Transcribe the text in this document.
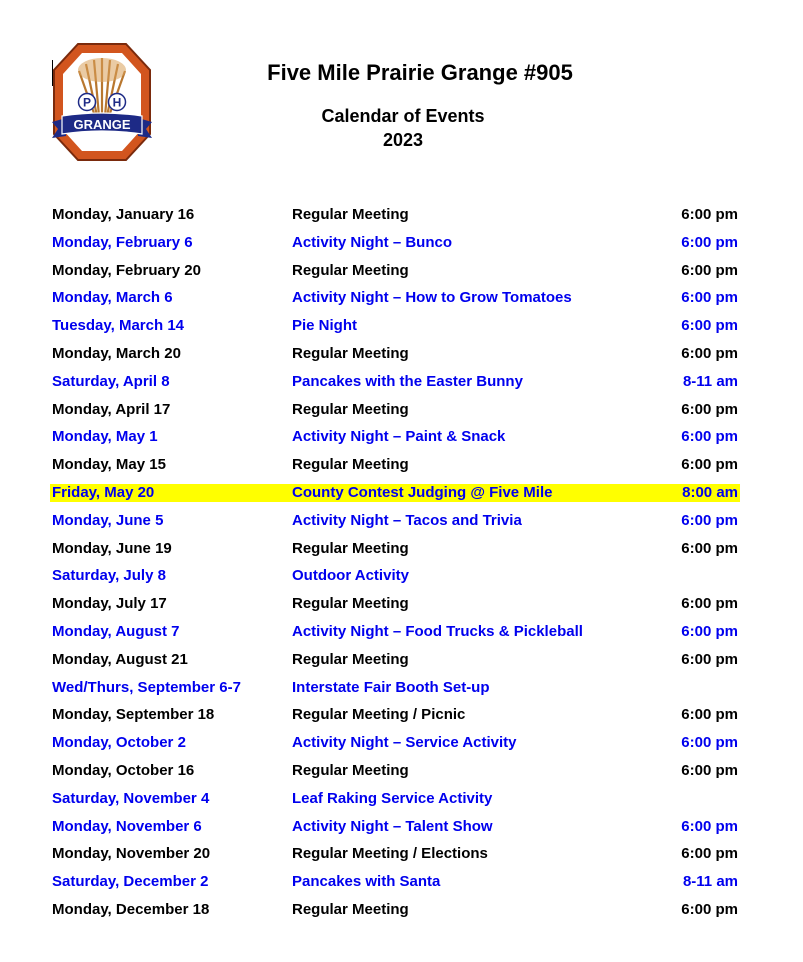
P H
GRANGE
Five Mile Prairie Grange #905
Calendar of Events
2023
Monday, January 16	Regular Meeting	6:00 pm
Monday, February 6	Activity Night – Bunco	6:00 pm
Monday, February 20	Regular Meeting	6:00 pm
Monday, March 6	Activity Night – How to Grow Tomatoes	6:00 pm
Tuesday, March 14	Pie Night	6:00 pm
Monday, March 20	Regular Meeting	6:00 pm
Saturday, April 8	Pancakes with the Easter Bunny	8-11 am
Monday, April 17	Regular Meeting	6:00 pm
Monday, May 1	Activity Night – Paint & Snack	6:00 pm
Monday, May 15	Regular Meeting	6:00 pm
Friday, May 20	County Contest Judging @ Five Mile	8:00 am
Monday, June 5	Activity Night – Tacos and Trivia	6:00 pm
Monday, June 19	Regular Meeting	6:00 pm
Saturday, July 8	Outdoor Activity
Monday, July 17	Regular Meeting	6:00 pm
Monday, August 7	Activity Night – Food Trucks & Pickleball	6:00 pm
Monday, August 21	Regular Meeting	6:00 pm
Wed/Thurs, September 6-7	Interstate Fair Booth Set-up
Monday, September 18	Regular Meeting / Picnic	6:00 pm
Monday, October 2	Activity Night – Service Activity	6:00 pm
Monday, October 16	Regular Meeting	6:00 pm
Saturday, November 4	Leaf Raking Service Activity
Monday, November 6	Activity Night – Talent Show	6:00 pm
Monday, November 20	Regular Meeting / Elections	6:00 pm
Saturday, December 2	Pancakes with Santa	8-11 am
Monday, December 18	Regular Meeting	6:00 pm
